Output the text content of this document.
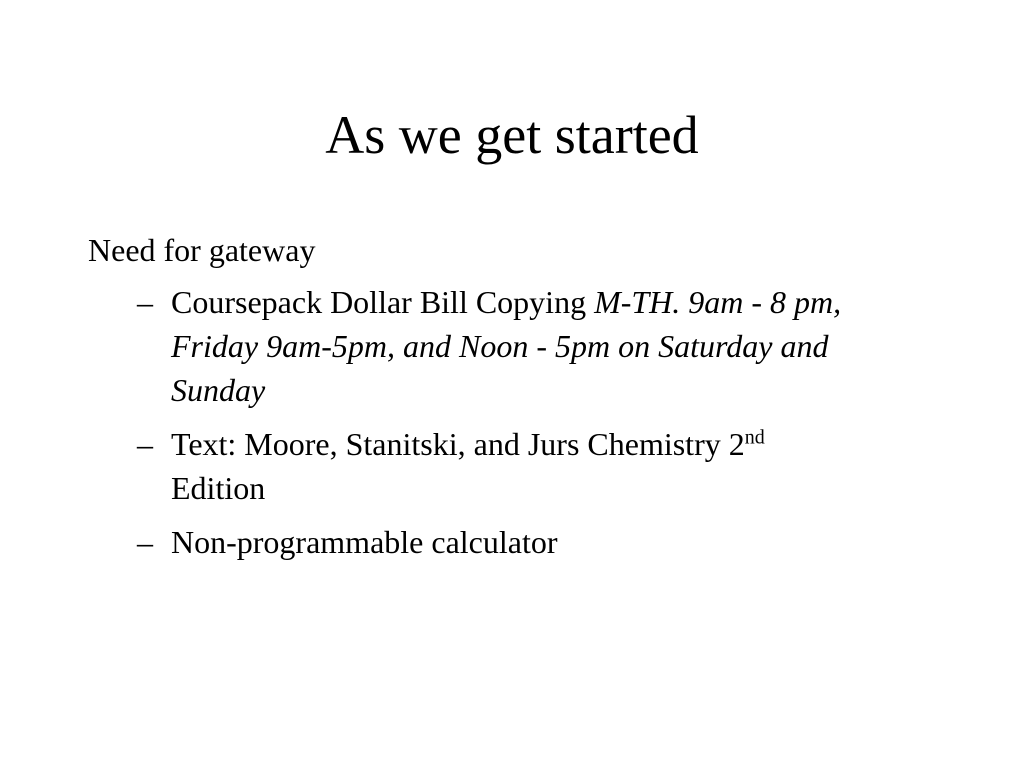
As we get started

Need for gateway

– Coursepack Dollar Bill Copying M-TH. 9am - 8 pm, Friday 9am-5pm, and Noon - 5pm on Saturday and Sunday
– Text: Moore, Stanitski, and Jurs Chemistry 2nd Edition
– Non-programmable calculator
